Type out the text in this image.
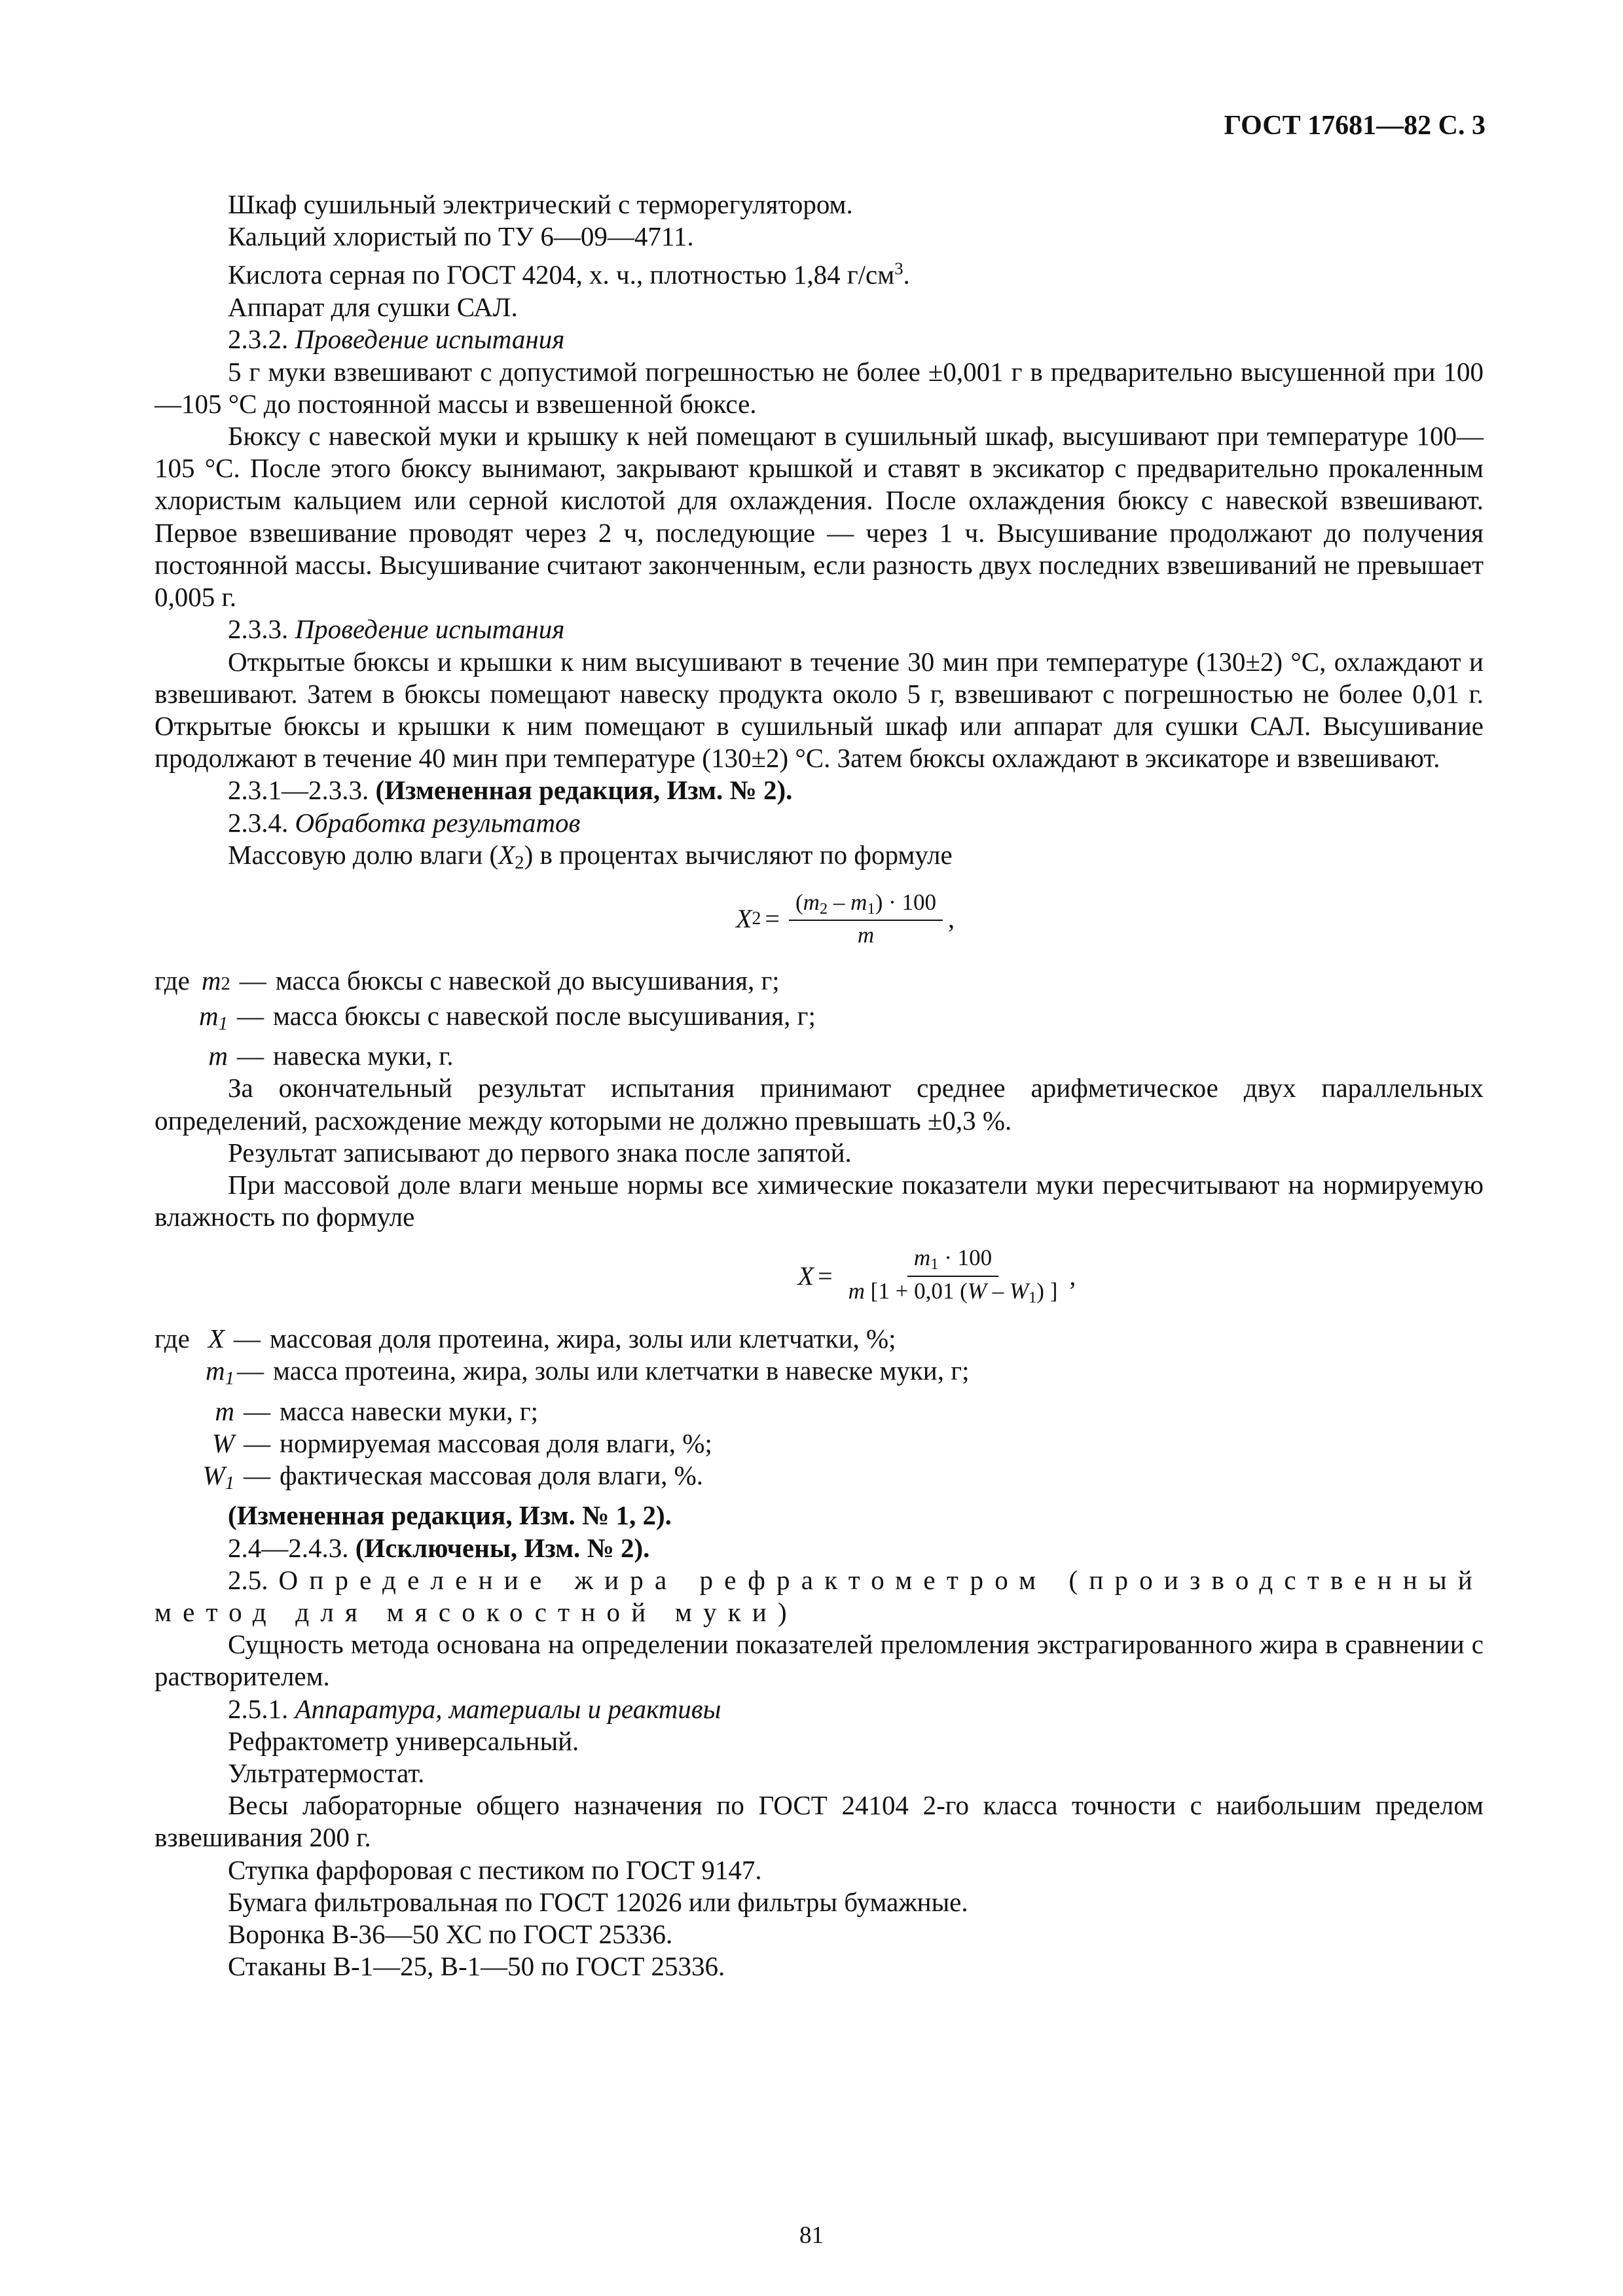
ГОСТ 17681—82 С. 3

Шкаф сушильный электрический с терморегулятором.

Кальций хлористый по ТУ 6—09—4711.

Кислота серная по ГОСТ 4204, х. ч., плотностью 1,84 $г/см^3$.

Аппарат для сушки САЛ.

2.3.2. Проведение испытания

5 г муки взвешивают с допустимой погрешностью не более ±0,001 г в предварительно высушенной при 100—105 °С до постоянной массы и взвешенной бюксе.

Бюксу с навеской муки и крышку к ней помещают в сушильный шкаф, высушивают при температуре 100—105 °С. После этого бюксу вынимают, закрывают крышкой и ставят в эксикатор с предварительно прокаленным хлористым кальцием или серной кислотой для охлаждения. После охлаждения бюксу с навеской взвешивают. Первое взвешивание проводят через 2 ч, последующие — через 1 ч. Высушивание продолжают до получения постоянной массы. Высушивание считают законченным, если разность двух последних взвешиваний не превышает 0,005 г.

2.3.3. Проведение испытания

Открытые бюксы и крышки к ним высушивают в течение 30 мин при температуре (130±2) °С, охлаждают и взвешивают. Затем в бюксы помещают навеску продукта около 5 г, взвешивают с погрешностью не более 0,01 г. Открытые бюксы и крышки к ним помещают в сушильный шкаф или аппарат для сушки САЛ. Высушивание продолжают в течение 40 мин при температуре (130±2) °С. Затем бюксы охлаждают в эксикаторе и взвешивают.

2.3.1—2.3.3. (Измененная редакция, Изм. № 2).

2.3.4. Обработка результатов

Массовую долю влаги $(X_2)$ в процентах вычисляют по формуле

X $2 = \frac{(m_2 - m_1) \cdot 100}{m}$ ,
где m 2 — масса бюксы с навеской до высушивания, г;
$m_1$ — масса бюксы с навеской после высушивания, г;
m — навеска муки, г.

За окончательный результат испытания принимают среднее арифметическое двух параллельных определений, расхождение между которыми не должно превышать ±0,3 %.

Результат записывают до первого знака после запятой.

При массовой доле влаги меньше нормы все химические показатели муки пересчитывают на нормируемую влажность по формуле

$X = \frac{m_1 \cdot 100}{m [1 + 0,01 (W - W_1) ]}$ ,
где X — массовая доля протеина, жира, золы или клетчатки, %;
$m_1$ — масса протеина, жира, золы или клетчатки в навеске муки, г;
m — масса навески муки, г;
W — нормируемая массовая доля влаги, %;
$W_1$ — фактическая массовая доля влаги, %.

(Измененная редакция, Изм. № 1, 2).

2.4—2.4.3. (Исключены, Изм. № 2).

2.5. Определение жира рефрактометром (производственный метод для мясокостной муки)

Сущность метода основана на определении показателей преломления экстрагированного жира в сравнении с растворителем.

2.5.1. Аппаратура, материалы и реактивы

Рефрактометр универсальный.

Ультратермостат.

Весы лабораторные общего назначения по ГОСТ 24104 2-го класса точности с наибольшим пределом взвешивания 200 г.

Ступка фарфоровая с пестиком по ГОСТ 9147.

Бумага фильтровальная по ГОСТ 12026 или фильтры бумажные.

Воронка В-36—50 ХС по ГОСТ 25336.

Стаканы В-1—25, В-1—50 по ГОСТ 25336.

81
